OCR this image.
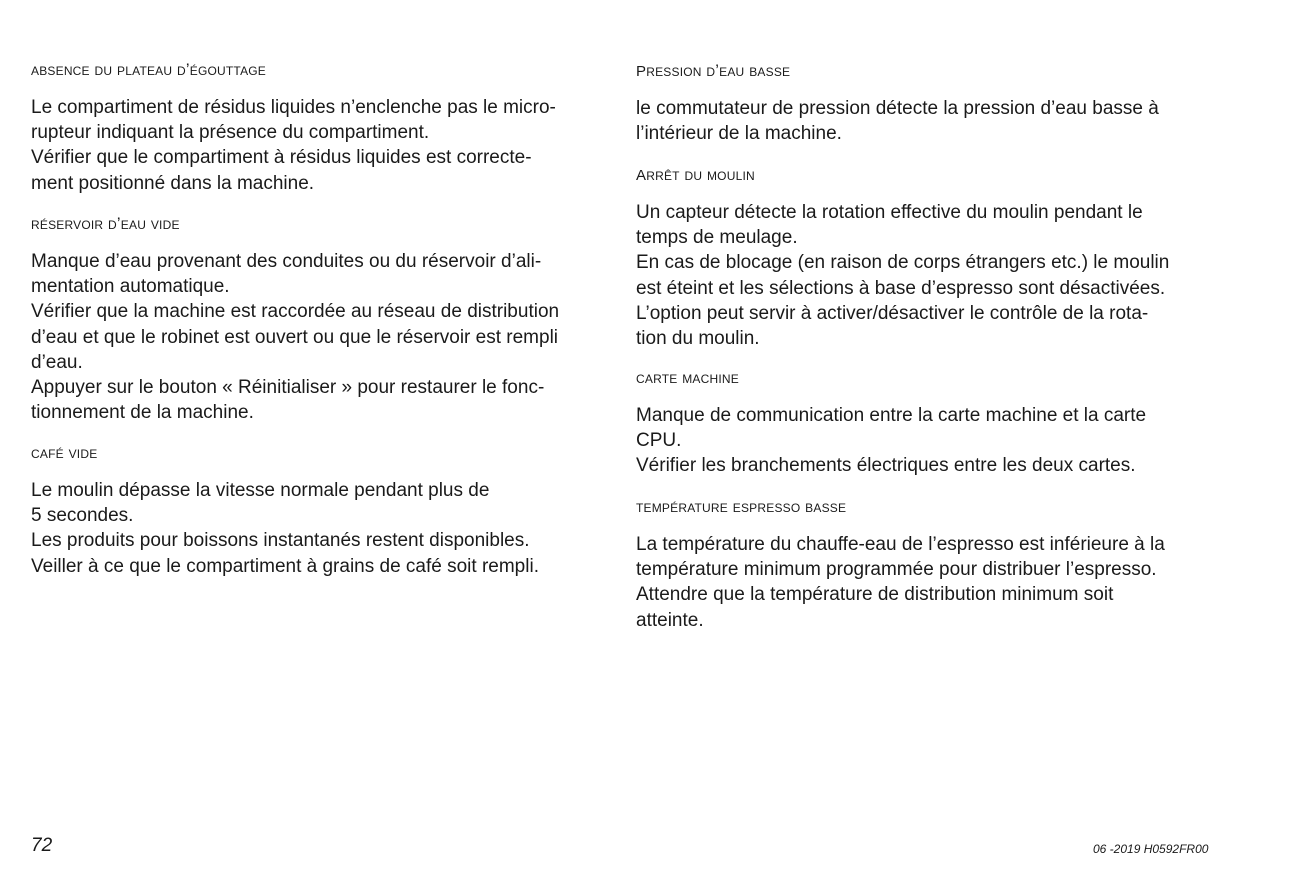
absence du plateau d’égouttage
Le compartiment de résidus liquides n’enclenche pas le micro-
rupteur indiquant la présence du compartiment.
Vérifier que le compartiment à résidus liquides est correcte-
ment positionné dans la machine.
réservoir d’eau vide
Manque d’eau provenant des conduites ou du réservoir d’ali-
mentation automatique.
Vérifier que la machine est raccordée au réseau de distribution
d’eau et que le robinet est ouvert ou que le réservoir est rempli
d’eau.
Appuyer sur le bouton « Réinitialiser » pour restaurer le fonc-
tionnement de la machine.
café vide
Le moulin dépasse la vitesse normale pendant plus de
5 secondes.
Les produits pour boissons instantanés restent disponibles.
Veiller à ce que le compartiment à grains de café soit rempli.
pression d’eau basse
le commutateur de pression détecte la pression d’eau basse à
l’intérieur de la machine.
arrêt du moulin
Un capteur détecte la rotation effective du moulin pendant le
temps de meulage.
En cas de blocage (en raison de corps étrangers etc.) le moulin
est éteint et les sélections à base d’espresso sont désactivées.
L’option peut servir à activer/désactiver le contrôle de la rota-
tion du moulin.
carte machine
Manque de communication entre la carte machine et la carte
CPU.
Vérifier les branchements électriques entre les deux cartes.
température espresso basse
La température du chauffe-eau de l’espresso est inférieure à la
température minimum programmée pour distribuer l’espresso.
Attendre que la température de distribution minimum soit
atteinte.
72	06 -2019 H0592FR00
